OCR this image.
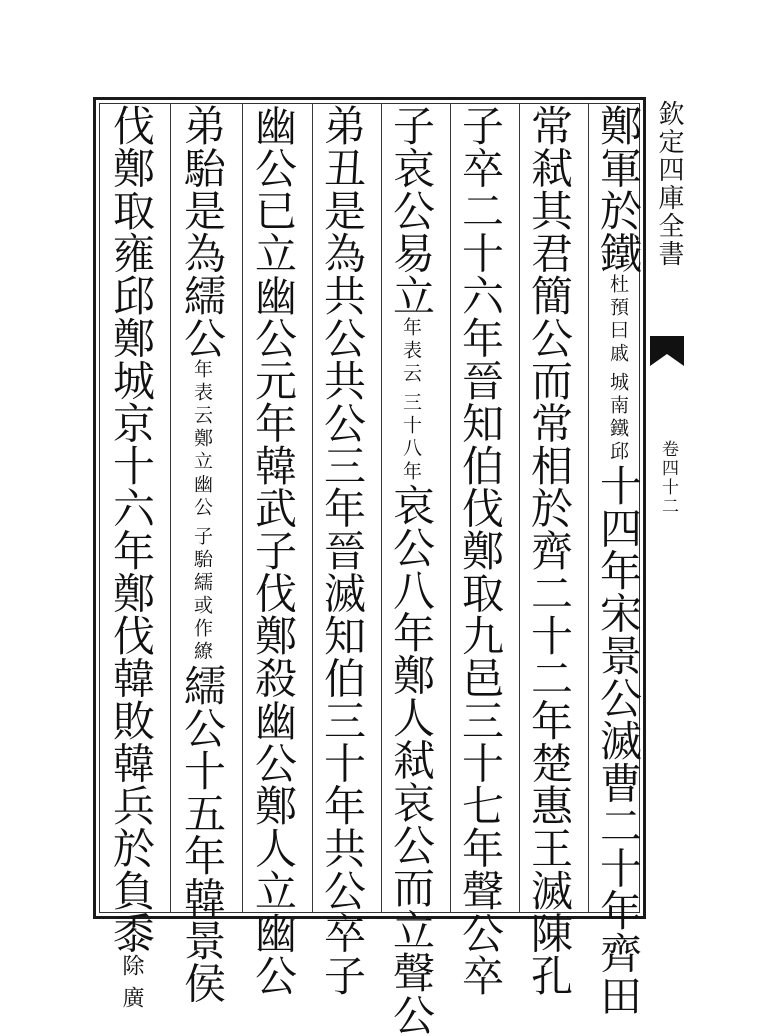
欽定四庫全書
卷四十二
鄭軍於鐵
杜預曰戚
城南鐵邱
十四年宋景公滅曹二十年齊田
常弒其君簡公而常相於齊二十二年楚惠王滅陳孔
子卒二十六年晉知伯伐鄭取九邑三十七年聲公卒
子哀公易立
年表云
三十八年
哀公八年鄭人弒哀公而立聲公
弟丑是為共公共公三年晉滅知伯三十年共公卒子
幽公已立幽公元年韓武子伐鄭殺幽公鄭人立幽公
弟駘是為繻公
年表云鄭立幽公
子駘繻或作繚
繻公十五年韓景侯
伐鄭取雍邱鄭城京十六年鄭伐韓敗韓兵於負黍
除
廣
